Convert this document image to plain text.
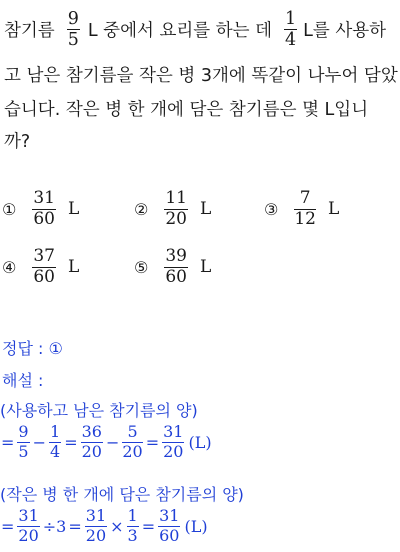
참기름 $\frac{9}{5}$ L 중에서 요리를 하는 데 $\frac{1}{4}$ L를 사용하
고 남은 참기름을 작은 병 3개에 똑같이 나누어 담았
습니다. 작은 병 한 개에 담은 참기름은 몇 L입니
까?
① $\frac{31}{60}$ L	② $\frac{11}{20}$ L	③ $\frac{7}{12}$ L
④ $\frac{37}{60}$ L	⑤ $\frac{39}{60}$ L
정답 : ①
해설 :
(사용하고 남은 참기름의 양)
= $\frac{9}{5} - \frac{1}{4} = \frac{36}{20} - \frac{5}{20} = \frac{31}{20} (L)$
(작은 병 한 개에 담은 참기름의 양)
= $\frac{31}{20} \div 3 = \frac{31}{20} \times \frac{1}{3} = \frac{31}{60} (L)$
